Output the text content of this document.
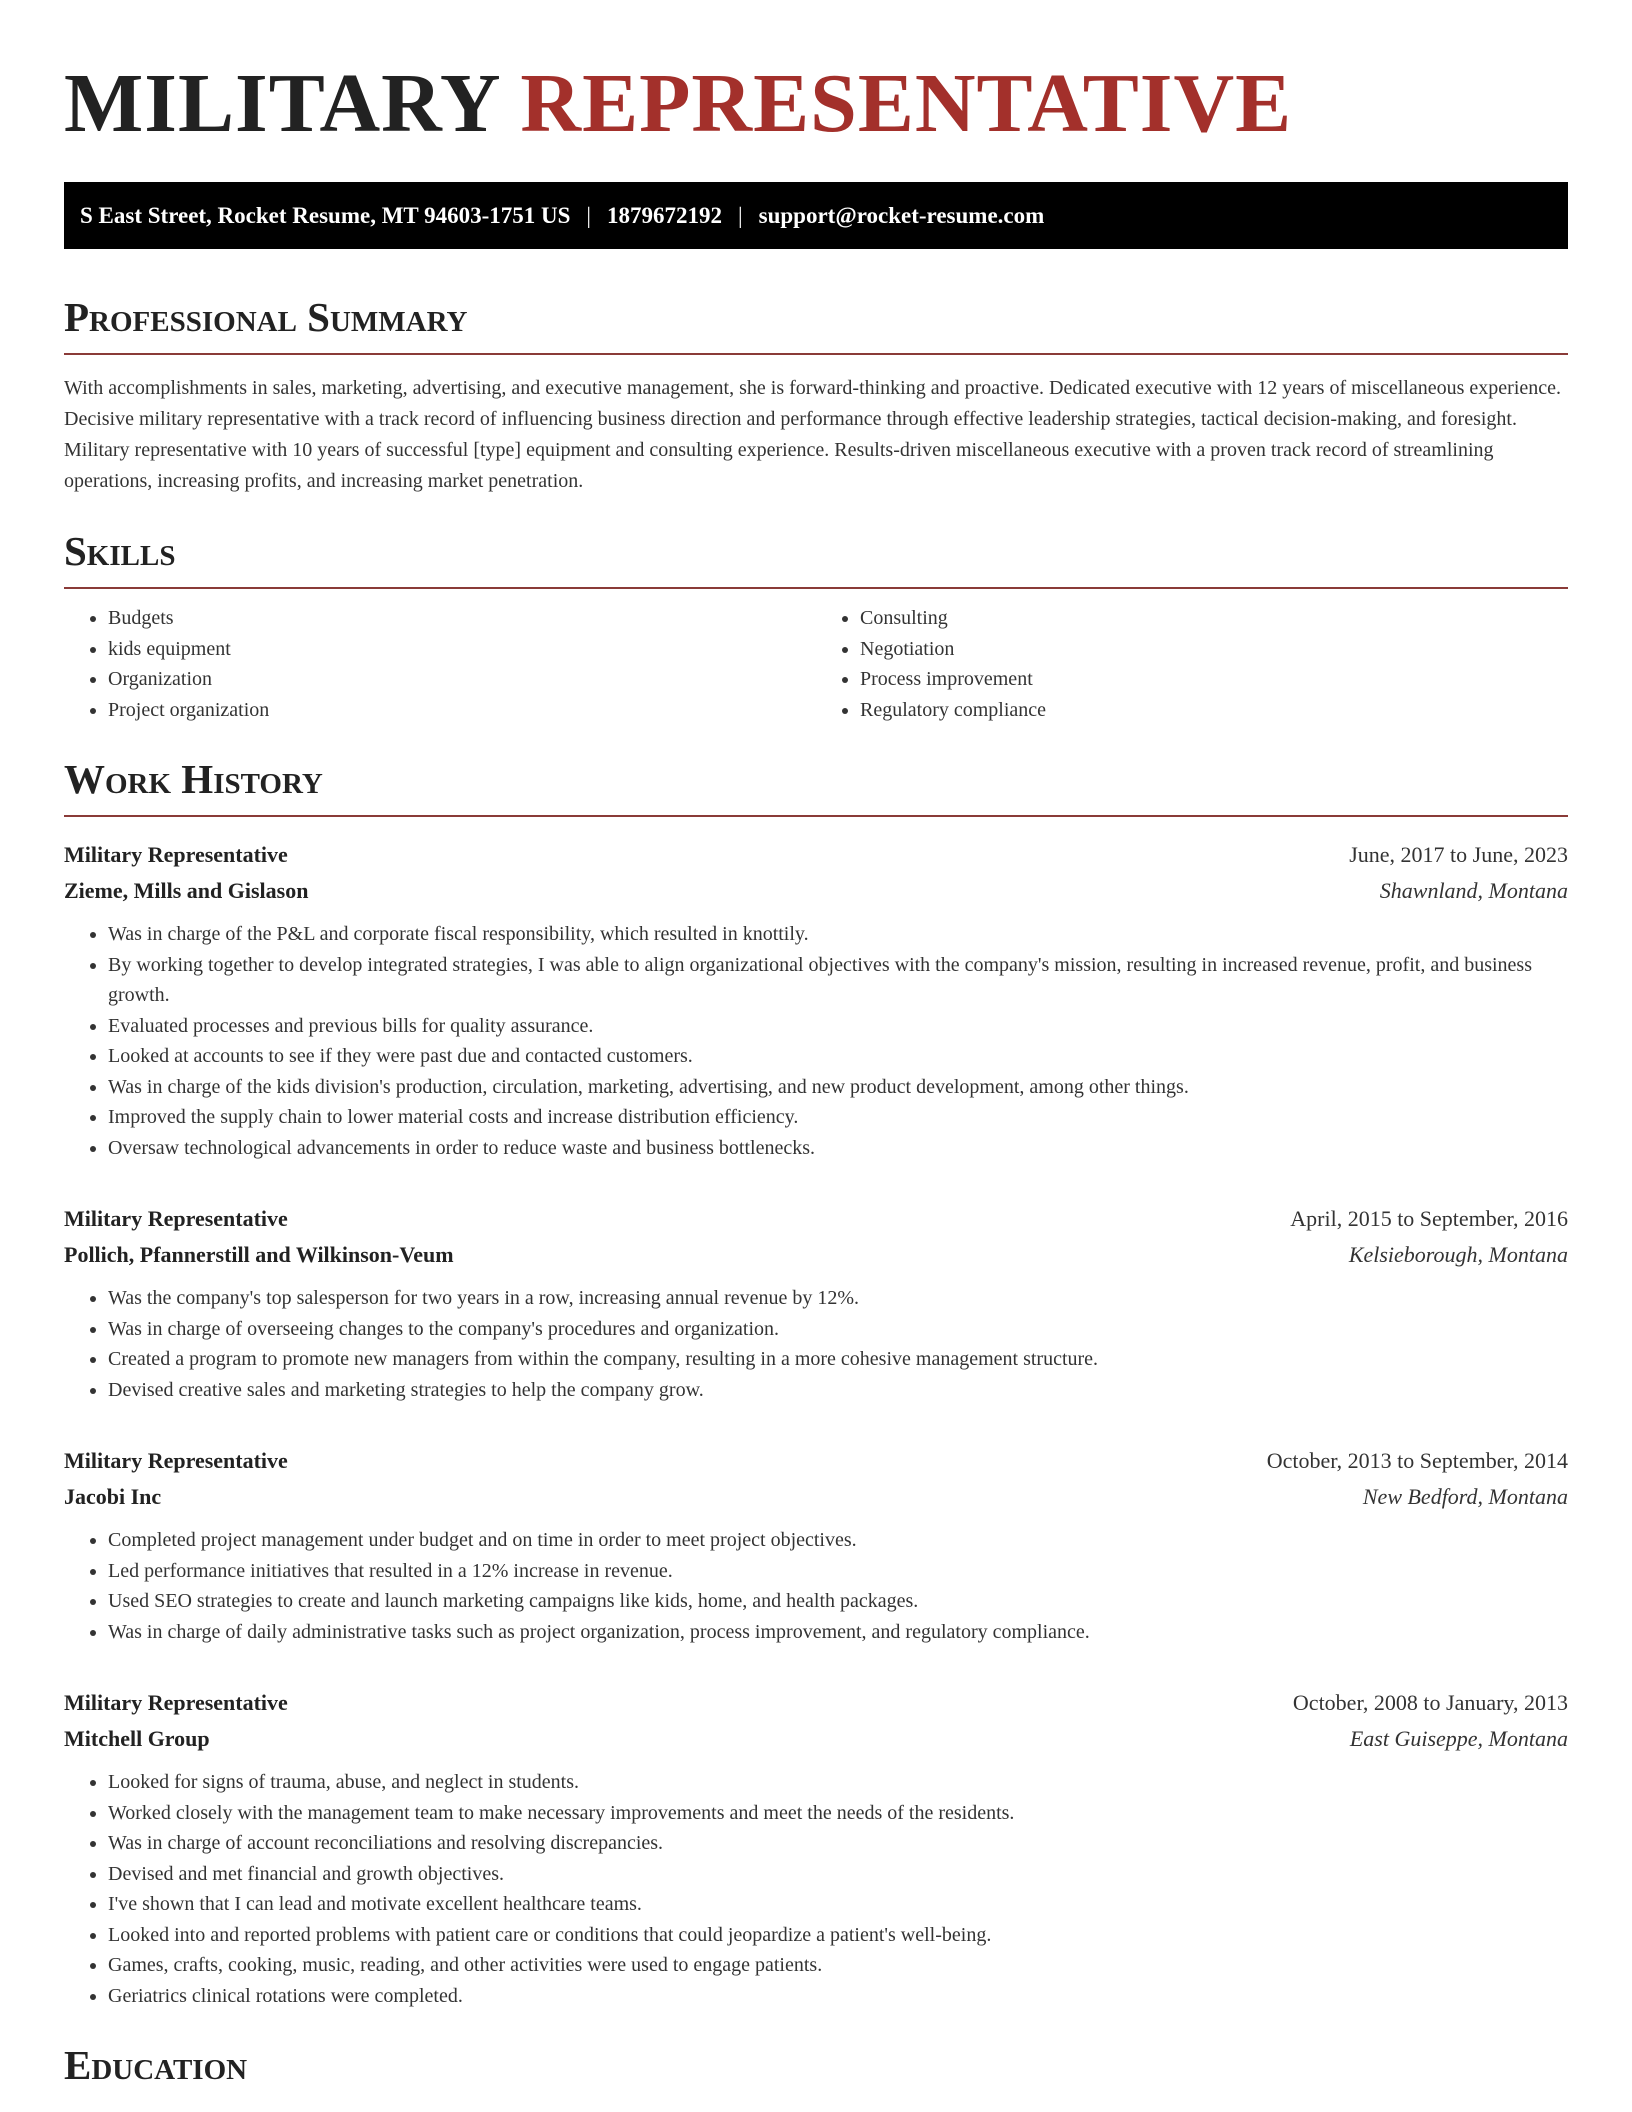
MILITARY REPRESENTATIVE
S East Street, Rocket Resume, MT 94603-1751 US | 1879672192 | support@rocket-resume.com
Professional Summary

With accomplishments in sales, marketing, advertising, and executive management, she is forward-thinking and proactive. Dedicated executive with 12 years of miscellaneous experience. Decisive military representative with a track record of influencing business direction and performance through effective leadership strategies, tactical decision-making, and foresight. Military representative with 10 years of successful [type] equipment and consulting experience. Results-driven miscellaneous executive with a proven track record of streamlining operations, increasing profits, and increasing market penetration.

Skills
• Budgets
• kids equipment
• Organization
• Project organization
• Consulting
• Negotiation
• Process improvement
• Regulatory compliance
Work History
Military Representative	June, 2017 to June, 2023
Zieme, Mills and Gislason	Shawnland, Montana
• Was in charge of the P&L and corporate fiscal responsibility, which resulted in knottily.
• By working together to develop integrated strategies, I was able to align organizational objectives with the company's mission, resulting in increased revenue, profit, and business growth.
• Evaluated processes and previous bills for quality assurance.
• Looked at accounts to see if they were past due and contacted customers.
• Was in charge of the kids division's production, circulation, marketing, advertising, and new product development, among other things.
• Improved the supply chain to lower material costs and increase distribution efficiency.
• Oversaw technological advancements in order to reduce waste and business bottlenecks.
Military Representative	April, 2015 to September, 2016
Pollich, Pfannerstill and Wilkinson-Veum	Kelsieborough, Montana
• Was the company's top salesperson for two years in a row, increasing annual revenue by 12%.
• Was in charge of overseeing changes to the company's procedures and organization.
• Created a program to promote new managers from within the company, resulting in a more cohesive management structure.
• Devised creative sales and marketing strategies to help the company grow.
Military Representative	October, 2013 to September, 2014
Jacobi Inc	New Bedford, Montana
• Completed project management under budget and on time in order to meet project objectives.
• Led performance initiatives that resulted in a 12% increase in revenue.
• Used SEO strategies to create and launch marketing campaigns like kids, home, and health packages.
• Was in charge of daily administrative tasks such as project organization, process improvement, and regulatory compliance.
Military Representative	October, 2008 to January, 2013
Mitchell Group	East Guiseppe, Montana
• Looked for signs of trauma, abuse, and neglect in students.
• Worked closely with the management team to make necessary improvements and meet the needs of the residents.
• Was in charge of account reconciliations and resolving discrepancies.
• Devised and met financial and growth objectives.
• I've shown that I can lead and motivate excellent healthcare teams.
• Looked into and reported problems with patient care or conditions that could jeopardize a patient's well-being.
• Games, crafts, cooking, music, reading, and other activities were used to engage patients.
• Geriatrics clinical rotations were completed.
Education
